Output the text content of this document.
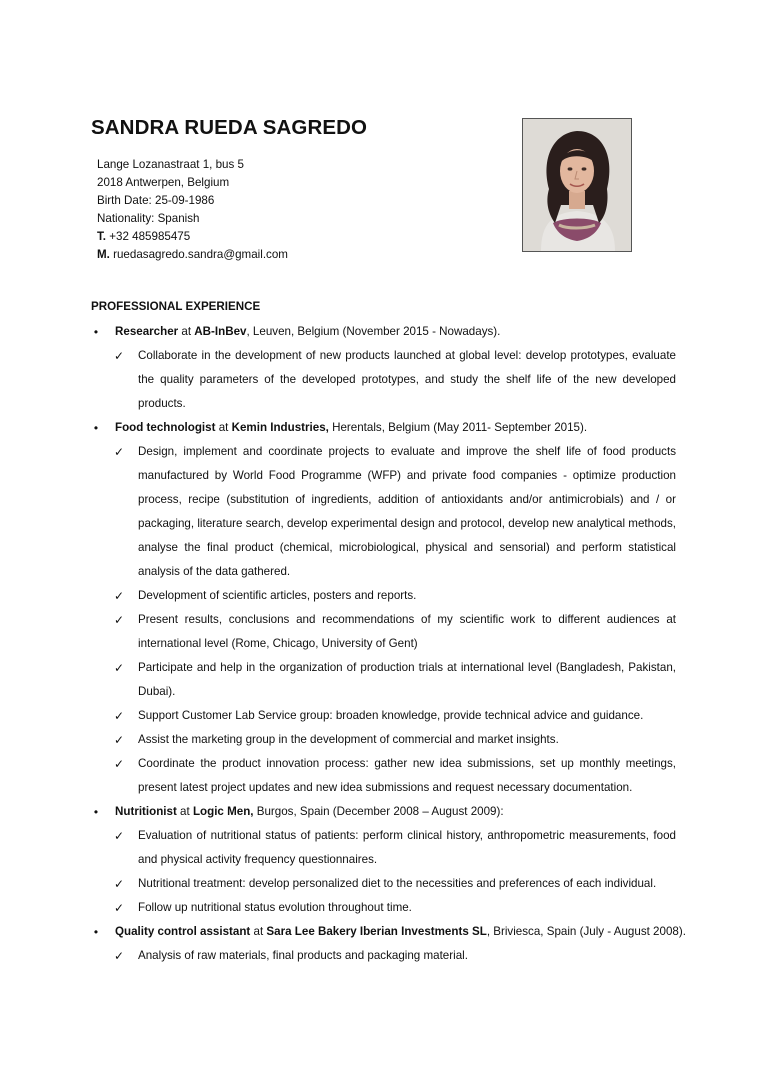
SANDRA RUEDA SAGREDO
Lange Lozanastraat 1, bus 5
2018 Antwerpen, Belgium
Birth Date: 25-09-1986
Nationality: Spanish
T. +32 485985475
M. ruedasagredo.sandra@gmail.com
PROFESSIONAL EXPERIENCE
• Researcher at AB-InBev, Leuven, Belgium (November 2015 - Nowadays).
✓ Collaborate in the development of new products launched at global level: develop prototypes, evaluate the quality parameters of the developed prototypes, and study the shelf life of the new developed products.
• Food technologist at Kemin Industries, Herentals, Belgium (May 2011- September 2015).
✓ Design, implement and coordinate projects to evaluate and improve the shelf life of food products manufactured by World Food Programme (WFP) and private food companies - optimize production process, recipe (substitution of ingredients, addition of antioxidants and/or antimicrobials) and / or packaging, literature search, develop experimental design and protocol, develop new analytical methods, analyse the final product (chemical, microbiological, physical and sensorial) and perform statistical analysis of the data gathered.
✓ Development of scientific articles, posters and reports.
✓ Present results, conclusions and recommendations of my scientific work to different audiences at international level (Rome, Chicago, University of Gent)
✓ Participate and help in the organization of production trials at international level (Bangladesh, Pakistan, Dubai).
✓ Support Customer Lab Service group: broaden knowledge, provide technical advice and guidance.
✓ Assist the marketing group in the development of commercial and market insights.
✓ Coordinate the product innovation process: gather new idea submissions, set up monthly meetings, present latest project updates and new idea submissions and request necessary documentation.
• Nutritionist at Logic Men, Burgos, Spain (December 2008 – August 2009):
✓ Evaluation of nutritional status of patients: perform clinical history, anthropometric measurements, food and physical activity frequency questionnaires.
✓ Nutritional treatment: develop personalized diet to the necessities and preferences of each individual.
✓ Follow up nutritional status evolution throughout time.
• Quality control assistant at Sara Lee Bakery Iberian Investments SL, Briviesca, Spain (July - August 2008).
✓ Analysis of raw materials, final products and packaging material.
